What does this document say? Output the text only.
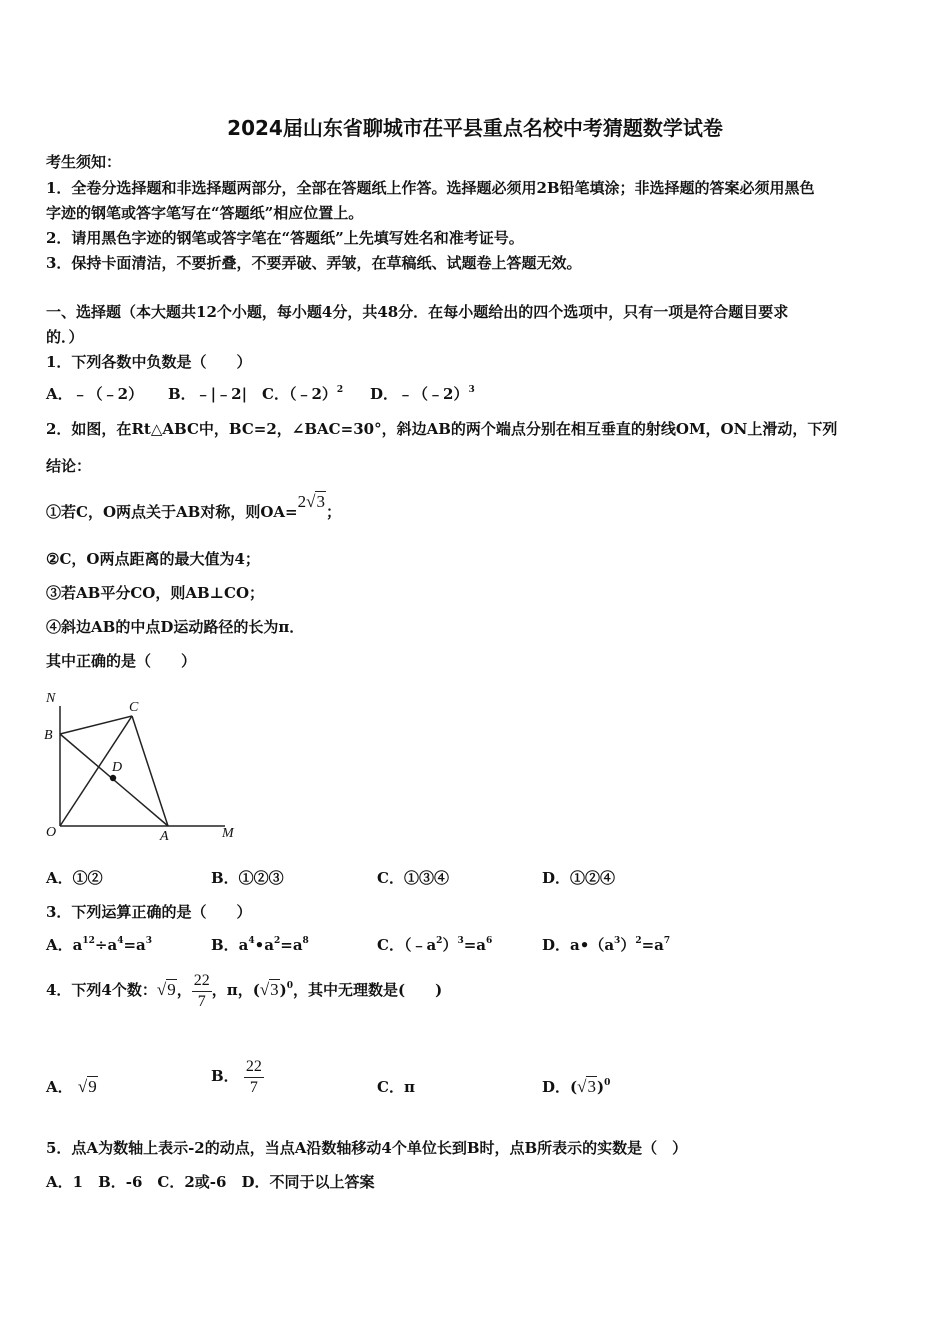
2024届山东省聊城市茌平县重点名校中考猜题数学试卷
考生须知：
1．全卷分选择题和非选择题两部分，全部在答题纸上作答。选择题必须用2B铅笔填涂；非选择题的答案必须用黑色
字迹的钢笔或答字笔写在“答题纸”相应位置上。
2．请用黑色字迹的钢笔或答字笔在“答题纸”上先填写姓名和准考证号。
3．保持卡面清洁，不要折叠，不要弄破、弄皱，在草稿纸、试题卷上答题无效。
一、选择题（本大题共12个小题，每小题4分，共48分．在每小题给出的四个选项中，只有一项是符合题目要求
的．）
1．下列各数中负数是（　　）
A．﹣（﹣2） B．﹣|﹣2| C．（﹣2）$^2$ D．﹣（﹣2）$^3$
2．如图，在Rt△ABC中，BC=2，∠BAC=30°，斜边AB的两个端点分别在相互垂直的射线OM，ON上滑动，下列
结论：
①若C，O两点关于AB对称，则OA=2√3；
②C，O两点距离的最大值为4；
③若AB平分CO，则AB⊥CO；
④斜边AB的中点D运动路径的长为π．
其中正确的是（　　）
N
C
B
D
O	A	M
A．①②	B．①②③	C．①③④	D．①②④
3．下列运算正确的是（　　）
A．$a^{12}\div a^4=a^3$	B．$a^4•a^2=a^8$	C．$(﹣a^2)^3=a^6$	D．$a•(a^3)^2=a^7$
4．下列4个数：√9， $\frac{22}{7}$ ，π，$(√3)^0$，其中无理数是(　　)
A． √9
B． $\frac{22}{7}$	C．π	D．$(√3)^0$
5．点A为数轴上表示-2的动点，当点A沿数轴移动4个单位长到B时，点B所表示的实数是（　）
A．1　B．-6　C．2或-6　D．不同于以上答案
